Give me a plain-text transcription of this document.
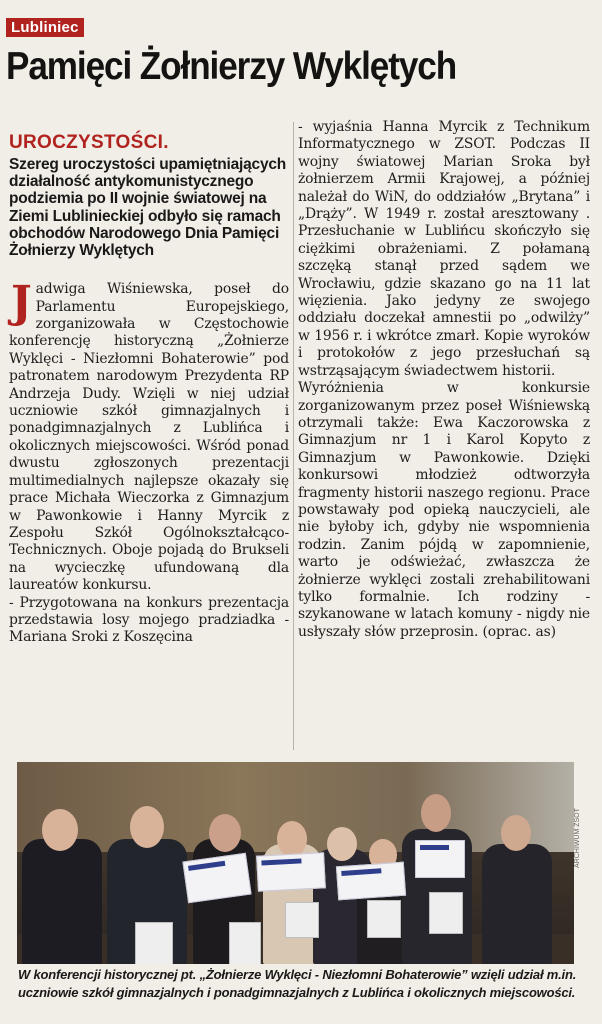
Lubliniec
Pamięci Żołnierzy Wyklętych
UROCZYSTOŚCI.
Szereg uroczystości upamiętniających działalność antykomunistycznego podziemia po II wojnie światowej na Ziemi Lublinieckiej odbyło się ramach obchodów Narodowego Dnia Pamięci Żołnierzy Wyklętych

Jadwiga Wiśniewska, poseł do Parlamentu Europejskiego, zorganizowała w Częstochowie konferencję historyczną „Żołnierze Wyklęci - Niezłomni Bohaterowie” pod patronatem narodowym Prezydenta RP Andrzeja Dudy. Wzięli w niej udział uczniowie szkół gimnazjalnych i ponadgimnazjalnych z Lublińca i okolicznych miejscowości. Wśród ponad dwustu zgłoszonych prezentacji multimedialnych najlepsze okazały się prace Michała Wieczorka z Gimnazjum w Pawonkowie i Hanny Myrcik z Zespołu Szkół Ogólnokształcąco-Technicznych. Oboje pojadą do Brukseli na wycieczkę ufundowaną dla laureatów konkursu.

- Przygotowana na konkurs prezentacja przedstawia losy mojego pradziadka - Mariana Sroki z Koszęcina

- wyjaśnia Hanna Myrcik z Technikum Informatycznego w ZSOT. Podczas II wojny światowej Marian Sroka był żołnierzem Armii Krajowej, a później należał do WiN, do oddziałów „Brytana” i „Drąży”. W 1949 r. został aresztowany . Przesłuchanie w Lublińcu skończyło się ciężkimi obrażeniami. Z połamaną szczęką stanął przed sądem we Wrocławiu, gdzie skazano go na 11 lat więzienia. Jako jedyny ze swojego oddziału doczekał amnestii po „odwilży” w 1956 r. i wkrótce zmarł. Kopie wyroków i protokołów z jego przesłuchań są wstrząsającym świadectwem historii.

Wyróżnienia w konkursie zorganizowanym przez poseł Wiśniewską otrzymali także: Ewa Kaczorowska z Gimnazjum nr 1 i Karol Kopyto z Gimnazjum w Pawonkowie. Dzięki konkursowi młodzież odtworzyła fragmenty historii naszego regionu. Prace powstawały pod opieką nauczycieli, ale nie byłoby ich, gdyby nie wspomnienia rodzin. Zanim pójdą w zapomnienie, warto je odświeżać, zwłaszcza że żołnierze wyklęci zostali zrehabilitowani tylko formalnie. Ich rodziny - szykanowane w latach komuny - nigdy nie usłyszały słów przeprosin. (oprac. as)

ARCHIWUM ZSOT
W konferencji historycznej pt. „Żołnierze Wyklęci - Niezłomni Bohaterowie” wzięli udział m.in. uczniowie szkół gimnazjalnych i ponadgimnazjalnych z Lublińca i okolicznych miejscowości.
